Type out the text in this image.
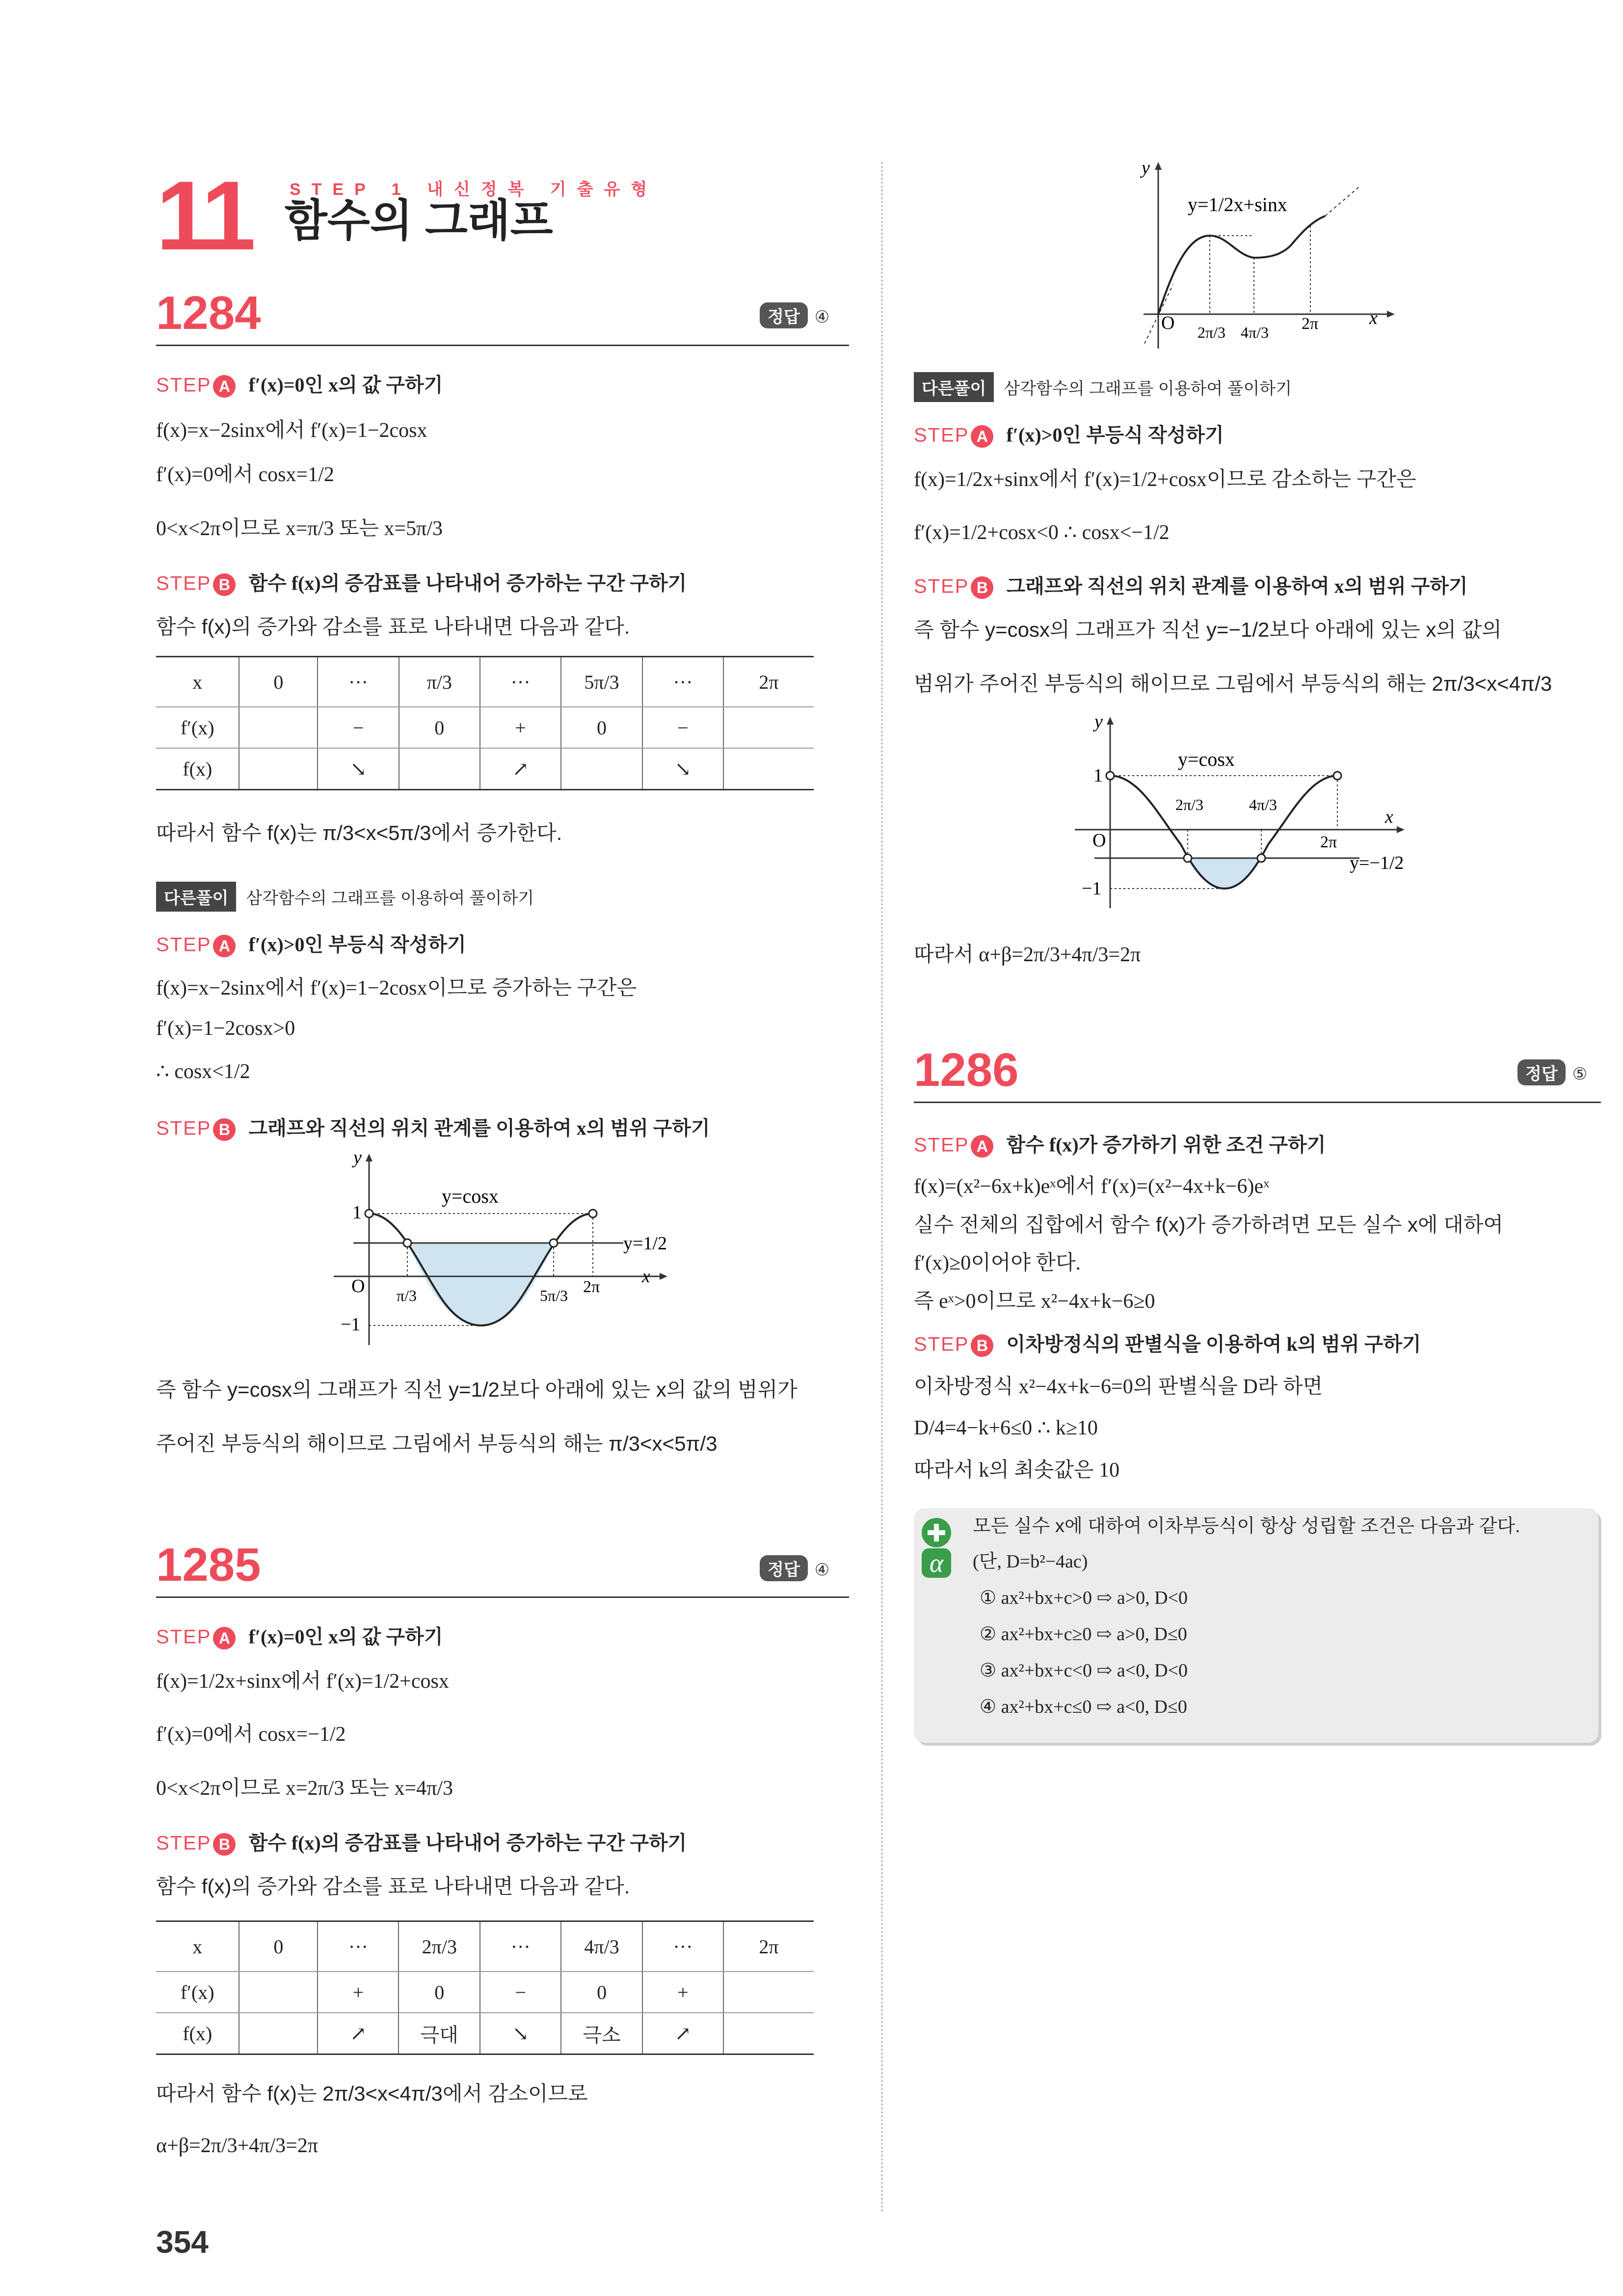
11 STEP 1 내신정복 기출유형
함수의 그래프
1284	정답 ④
STEP A f′(x)=0인 x의 값 구하기
f(x)=x−2sinx에서 f′(x)=1−2cosx
f′(x)=0에서 cosx=1/2
0<x<2π이므로 x=π/3 또는 x=5π/3
STEP B 함수 f(x)의 증감표를 나타내어 증가하는 구간 구하기
함수 f(x)의 증가와 감소를 표로 나타내면 다음과 같다.
x	0	···	π/3	···	5π/3	···	2π
f′(x)		−	0	+	0	−	
f(x)		↘		↗		↘	
따라서 함수 f(x)는 π/3<x<5π/3에서 증가한다.
다른풀이 삼각함수의 그래프를 이용하여 풀이하기
STEP A f′(x)>0인 부등식 작성하기
f(x)=x−2sinx에서 f′(x)=1−2cosx이므로 증가하는 구간은
f′(x)=1−2cosx>0
∴ cosx<1/2
STEP B 그래프와 직선의 위치 관계를 이용하여 x의 범위 구하기
y
x
y=cosx
y=1/2
1
−1
O π/3	5π/3 2π
즉 함수 y=cosx의 그래프가 직선 y=1/2보다 아래에 있는 x의 값의 범위가
주어진 부등식의 해이므로 그림에서 부등식의 해는 π/3<x<5π/3
1285	정답 ④
STEP A f′(x)=0인 x의 값 구하기
f(x)=1/2x+sinx에서 f′(x)=1/2+cosx
f′(x)=0에서 cosx=−1/2
0<x<2π이므로 x=2π/3 또는 x=4π/3
STEP B 함수 f(x)의 증감표를 나타내어 증가하는 구간 구하기
함수 f(x)의 증가와 감소를 표로 나타내면 다음과 같다.
x	0	···	2π/3	···	4π/3	···	2π
f′(x)		+	0	−	0	+	
f(x)		↗	극대	↘	극소	↗	
따라서 함수 f(x)는 2π/3<x<4π/3에서 감소이므로
α+β=2π/3+4π/3=2π
354
y
x
y=1/2x+sinx
O 2π/3 4π/3 2π
다른풀이 삼각함수의 그래프를 이용하여 풀이하기
STEP A f′(x)>0인 부등식 작성하기
f(x)=1/2x+sinx에서 f′(x)=1/2+cosx이므로 감소하는 구간은
f′(x)=1/2+cosx<0 ∴ cosx<−1/2
STEP B 그래프와 직선의 위치 관계를 이용하여 x의 범위 구하기
즉 함수 y=cosx의 그래프가 직선 y=−1/2보다 아래에 있는 x의 값의
범위가 주어진 부등식의 해이므로 그림에서 부등식의 해는 2π/3<x<4π/3
y
x
y=cosx
y=−1/2
1
−1
O
2π/3	4π/3
2π
따라서 α+β=2π/3+4π/3=2π
1286	정답 ⑤
STEP A 함수 f(x)가 증가하기 위한 조건 구하기
f(x)=(x²−6x+k)eˣ에서 f′(x)=(x²−4x+k−6)eˣ
실수 전체의 집합에서 함수 f(x)가 증가하려면 모든 실수 x에 대하여
f′(x)≥0이어야 한다.
즉 eˣ>0이므로 x²−4x+k−6≥0
STEP B 이차방정식의 판별식을 이용하여 k의 범위 구하기
이차방정식 x²−4x+k−6=0의 판별식을 D라 하면
D/4=4−k+6≤0 ∴ k≥10
따라서 k의 최솟값은 10
α
모든 실수 x에 대하여 이차부등식이 항상 성립할 조건은 다음과 같다.
(단, D=b²−4ac)
① ax²+bx+c>0 ⇨ a>0, D<0
② ax²+bx+c≥0 ⇨ a>0, D≤0
③ ax²+bx+c<0 ⇨ a<0, D<0
④ ax²+bx+c≤0 ⇨ a<0, D≤0
